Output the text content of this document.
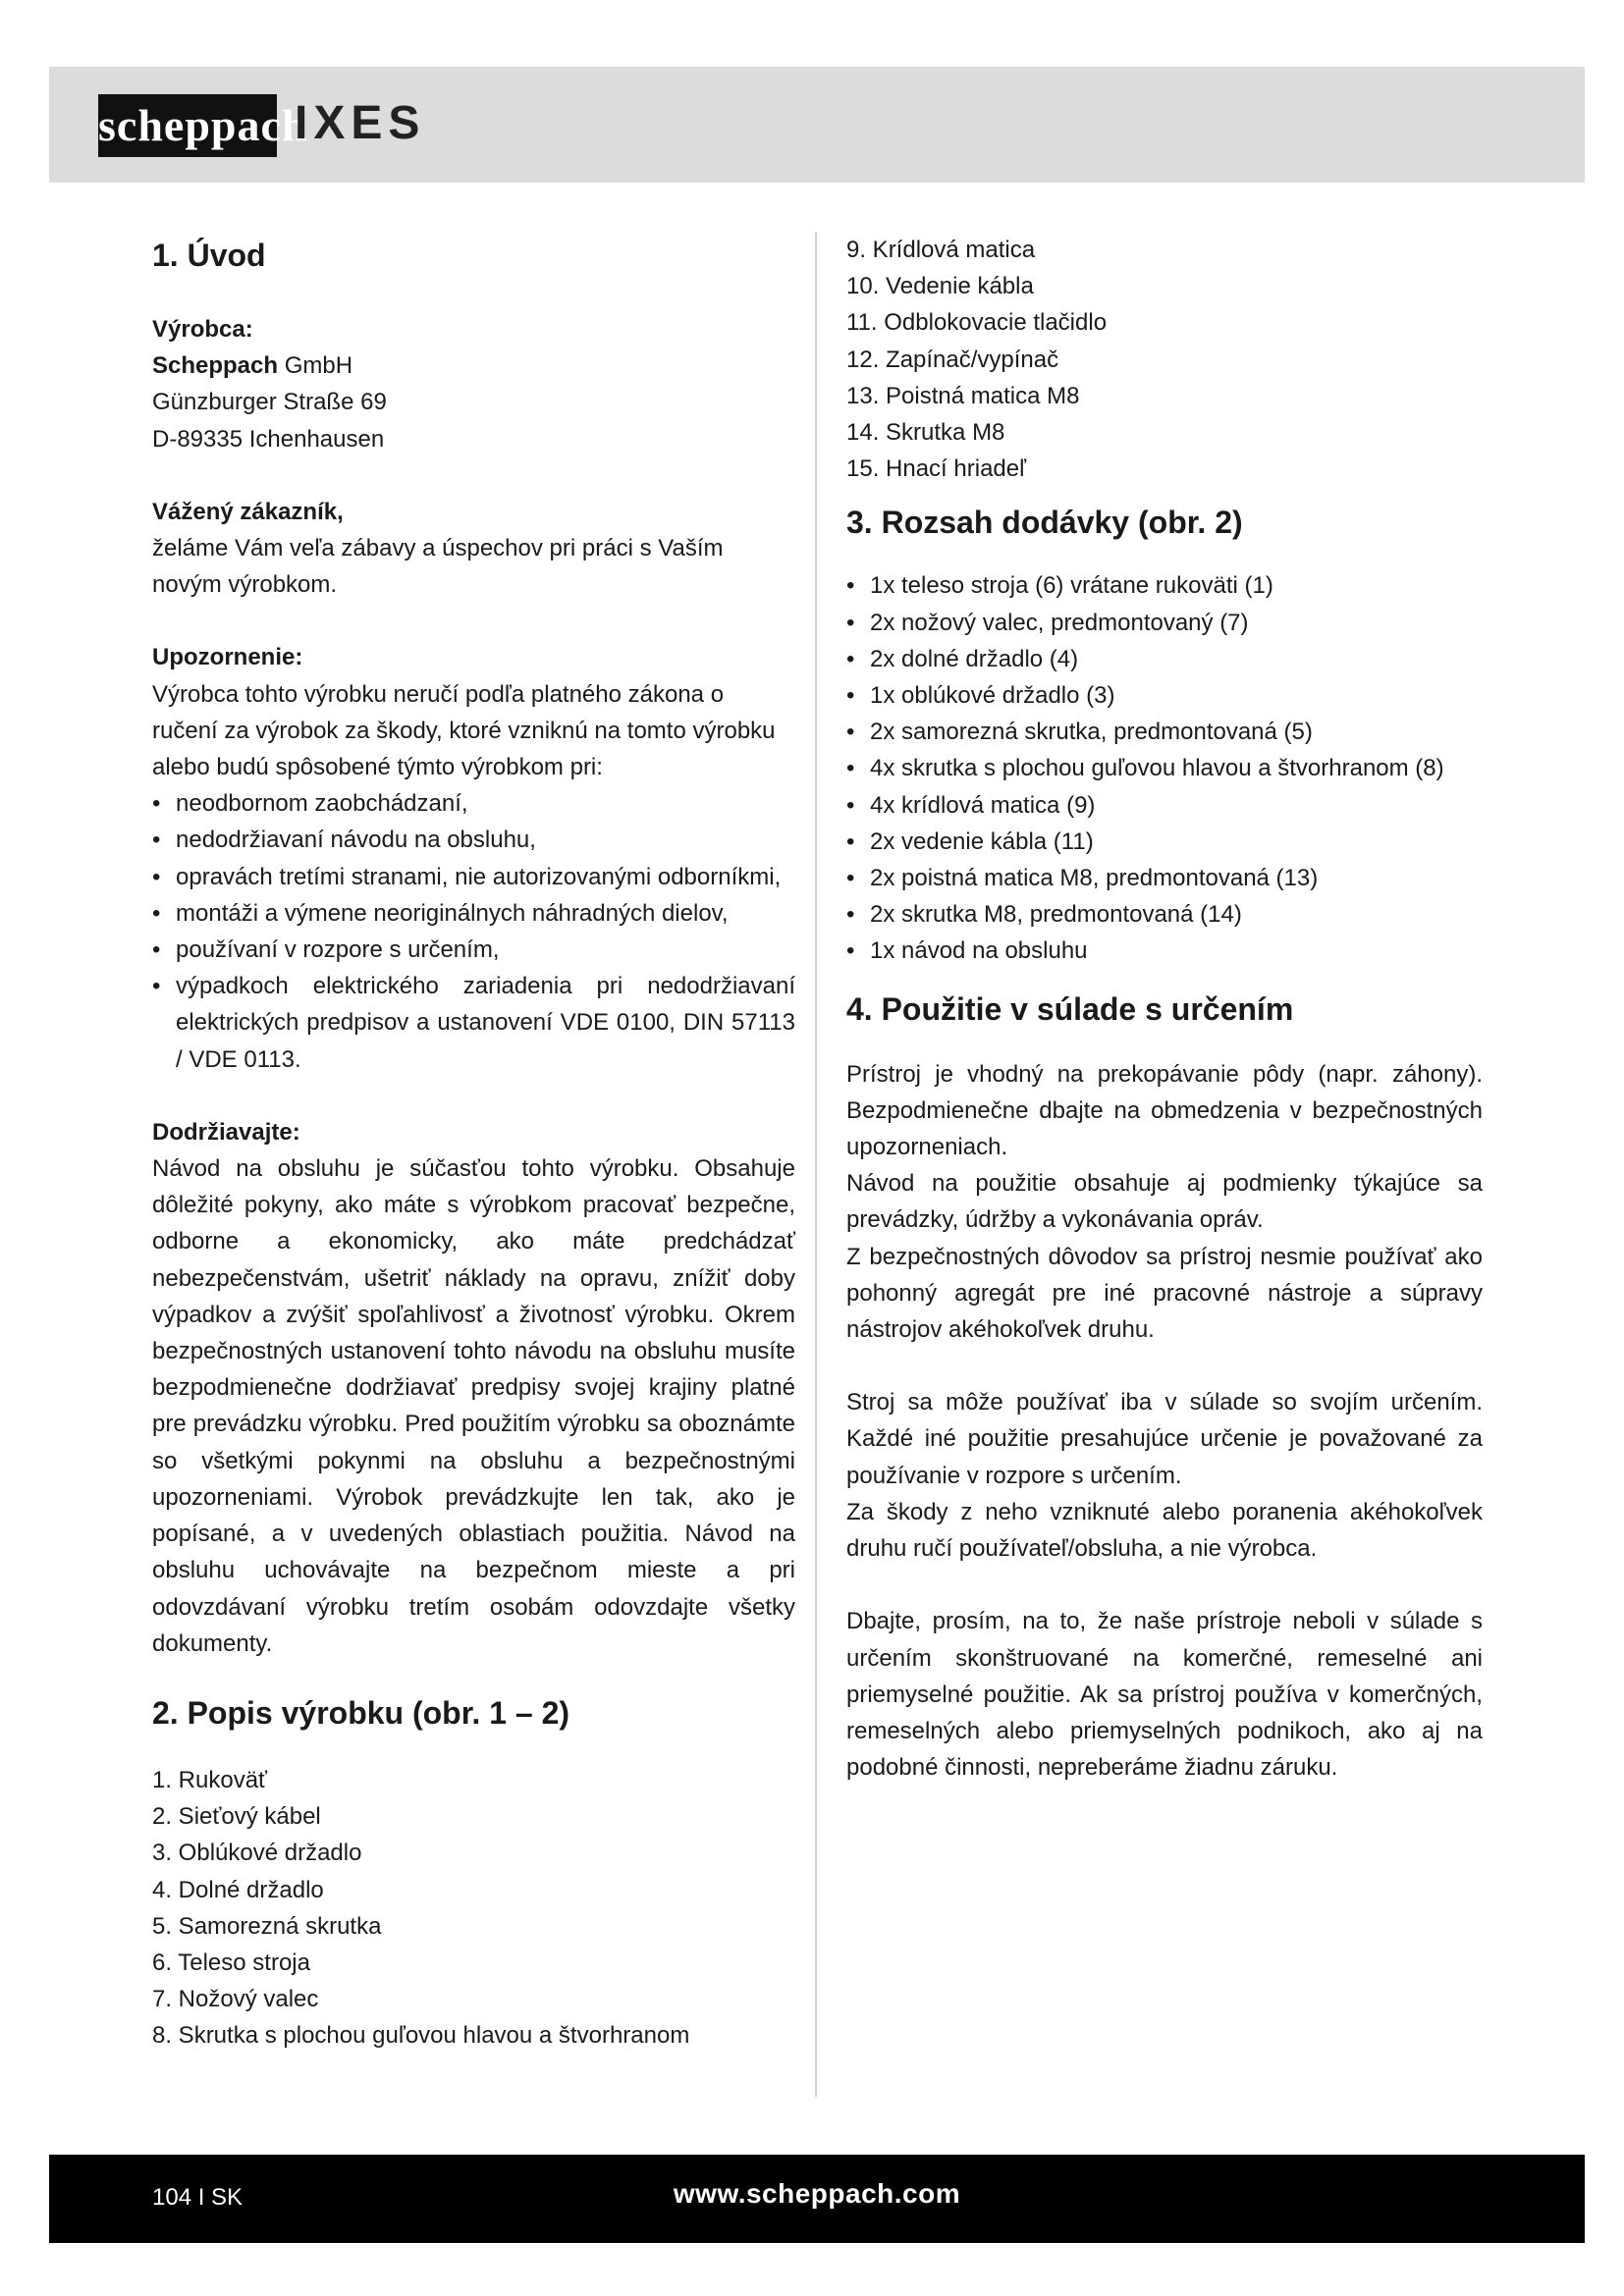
scheppach
IXES
1. Úvod

Výrobca:

Scheppach GmbH

Günzburger Straße 69

D-89335 Ichenhausen

Vážený zákazník,

želáme Vám veľa zábavy a úspechov pri práci s Vaším novým výrobkom.

Upozornenie:

Výrobca tohto výrobku neručí podľa platného zákona o ručení za výrobok za škody, ktoré vzniknú na tomto výrobku alebo budú spôsobené týmto výrobkom pri:

• neodbornom zaobchádzaní,
• nedodržiavaní návodu na obsluhu,
• opravách tretími stranami, nie autorizovanými odborníkmi,
• montáži a výmene neoriginálnych náhradných dielov,
• používaní v rozpore s určením,
• výpadkoch elektrického zariadenia pri nedodržiavaní elektrických predpisov a ustanovení VDE 0100, DIN 57113 / VDE 0113.

Dodržiavajte:

Návod na obsluhu je súčasťou tohto výrobku. Obsahuje dôležité pokyny, ako máte s výrobkom pracovať bezpečne, odborne a ekonomicky, ako máte predchádzať nebezpečenstvám, ušetriť náklady na opravu, znížiť doby výpadkov a zvýšiť spoľahlivosť a životnosť výrobku. Okrem bezpečnostných ustanovení tohto návodu na obsluhu musíte bezpodmienečne dodržiavať predpisy svojej krajiny platné pre prevádzku výrobku. Pred použitím výrobku sa oboznámte so všetkými pokynmi na obsluhu a bezpečnostnými upozorneniami. Výrobok prevádzkujte len tak, ako je popísané, a v uvedených oblastiach použitia. Návod na obsluhu uchovávajte na bezpečnom mieste a pri odovzdávaní výrobku tretím osobám odovzdajte všetky dokumenty.

2. Popis výrobku (obr. 1 – 2)
1. Rukoväť
2. Sieťový kábel
3. Oblúkové držadlo
4. Dolné držadlo
5. Samorezná skrutka
6. Teleso stroja
7. Nožový valec
8. Skrutka s plochou guľovou hlavou a štvorhranom
9. Krídlová matica
10. Vedenie kábla
11. Odblokovacie tlačidlo
12. Zapínač/vypínač
13. Poistná matica M8
14. Skrutka M8
15. Hnací hriadeľ
3. Rozsah dodávky (obr. 2)
• 1x teleso stroja (6) vrátane rukoväti (1)
• 2x nožový valec, predmontovaný (7)
• 2x dolné držadlo (4)
• 1x oblúkové držadlo (3)
• 2x samorezná skrutka, predmontovaná (5)
• 4x skrutka s plochou guľovou hlavou a štvorhranom (8)
• 4x krídlová matica (9)
• 2x vedenie kábla (11)
• 2x poistná matica M8, predmontovaná (13)
• 2x skrutka M8, predmontovaná (14)
• 1x návod na obsluhu
4. Použitie v súlade s určením

Prístroj je vhodný na prekopávanie pôdy (napr. záhony). Bezpodmienečne dbajte na obmedzenia v bezpečnostných upozorneniach.

Návod na použitie obsahuje aj podmienky týkajúce sa prevádzky, údržby a vykonávania opráv.

Z bezpečnostných dôvodov sa prístroj nesmie používať ako pohonný agregát pre iné pracovné nástroje a súpravy nástrojov akéhokoľvek druhu.

Stroj sa môže používať iba v súlade so svojím určením. Každé iné použitie presahujúce určenie je považované za používanie v rozpore s určením.

Za škody z neho vzniknuté alebo poranenia akéhokoľvek druhu ručí používateľ/obsluha, a nie výrobca.

Dbajte, prosím, na to, že naše prístroje neboli v súlade s určením skonštruované na komerčné, remeselné ani priemyselné použitie. Ak sa prístroj používa v komerčných, remeselných alebo priemyselných podnikoch, ako aj na podobné činnosti, nepreberáme žiadnu záruku.

104 I SK	www.scheppach.com
